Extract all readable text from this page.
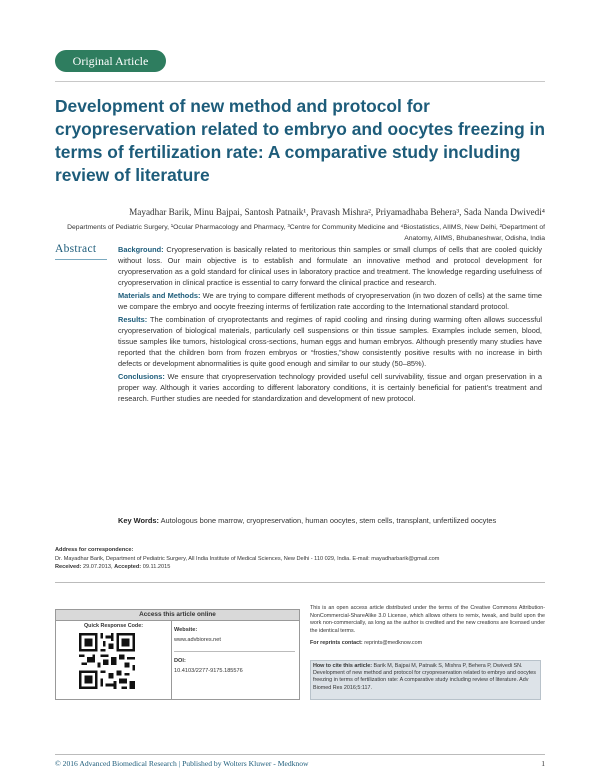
Original Article
Development of new method and protocol for cryopreservation related to embryo and oocytes freezing in terms of fertilization rate: A comparative study including review of literature
Mayadhar Barik, Minu Bajpai, Santosh Patnaik¹, Pravash Mishra², Priyamadhaba Behera³, Sada Nanda Dwivedi⁴
Departments of Pediatric Surgery, ¹Ocular Pharmacology and Pharmacy, ³Centre for Community Medicine and ⁴Biostatistics, AIIMS, New Delhi, ²Department of Anatomy, AIIMS, Bhubaneshwar, Odisha, India
Abstract	Background: Cryopreservation is basically related to meritorious thin samples or small clumps of cells that are cooled quickly without loss. Our main objective is to establish and formulate an innovative method and protocol development for cryopreservation as a gold standard for clinical uses in laboratory practice and treatment. The knowledge regarding usefulness of cryopreservation in clinical practice is essential to carry forward the clinical practice and research.

Materials and Methods: We are trying to compare different methods of cryopreservation (in two dozen of cells) at the same time we compare the embryo and oocyte freezing interms of fertilization rate according to the International standard protocol.

Results: The combination of cryoprotectants and regimes of rapid cooling and rinsing during warming often allows successful cryopreservation of biological materials, particularly cell suspensions or thin tissue samples. Examples include semen, blood, tissue samples like tumors, histological cross-sections, human eggs and human embryos. Although presently many studies have reported that the children born from frozen embryos or “frosties,”show consistently positive results with no increase in birth defects or development abnormalities is quite good enough and similar to our study (50–85%).

Conclusions: We ensure that cryopreservation technology provided useful cell survivability, tissue and organ preservation in a proper way. Although it varies according to different laboratory conditions, it is certainly beneficial for patient’s treatment and research. Further studies are needed for standardization and development of new protocol.

Key Words: Autologous bone marrow, cryopreservation, human oocytes, stem cells, transplant, unfertilized oocytes
Address for correspondence:
Dr. Mayadhar Barik, Department of Pediatric Surgery, All India Institute of Medical Sciences, New Delhi - 110 029, India. E-mail: mayadharbarik@gmail.com
Received: 29.07.2013, Accepted: 09.11.2015
Access this article online
Quick Response Code:
Website:
www.advbiores.net
DOI:
10.4103/2277-9175.185576
This is an open access article distributed under the terms of the Creative Commons Attribution-NonCommercial-ShareAlike 3.0 License, which allows others to remix, tweak, and build upon the work non-commercially, as long as the author is credited and the new creations are licensed under the identical terms.
For reprints contact: reprints@medknow.com
How to cite this article: Barik M, Bajpai M, Patnaik S, Mishra P, Behera P, Dwivedi SN. Development of new method and protocol for cryopreservation related to embryo and oocytes freezing in terms of fertilization rate: A comparative study including review of literature. Adv Biomed Res 2016;5:117.
© 2016 Advanced Biomedical Research | Published by Wolters Kluwer - Medknow	1
